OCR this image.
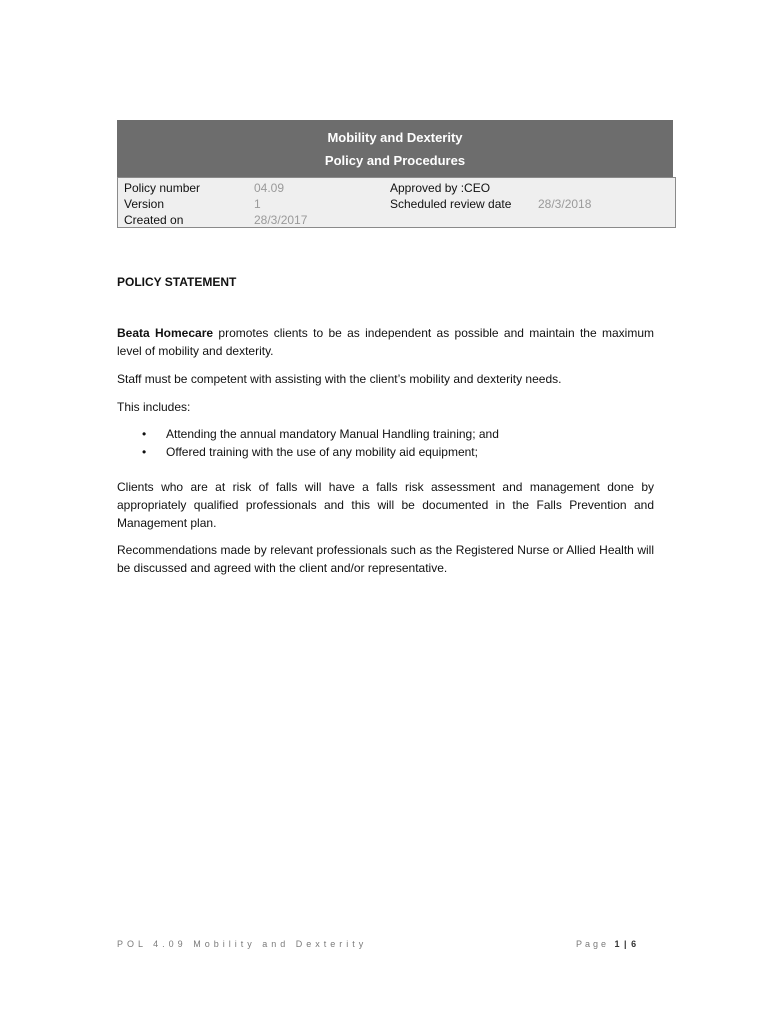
Mobility and Dexterity
Policy and Procedures
Policy number	04.09	Approved by :CEO
Version	1	Scheduled review date 28/3/2018
Created on	28/3/2017
POLICY STATEMENT
Beata Homecare promotes clients to be as independent as possible and maintain the maximum level of mobility and dexterity.
Staff must be competent with assisting with the client’s mobility and dexterity needs.
This includes:
• Attending the annual mandatory Manual Handling training; and
• Offered training with the use of any mobility aid equipment;
Clients who are at risk of falls will have a falls risk assessment and management done by appropriately qualified professionals and this will be documented in the Falls Prevention and Management plan.
Recommendations made by relevant professionals such as the Registered Nurse or Allied Health will be discussed and agreed with the client and/or representative.
POL 4.09 Mobility and Dexterity	Page 1 | 6
